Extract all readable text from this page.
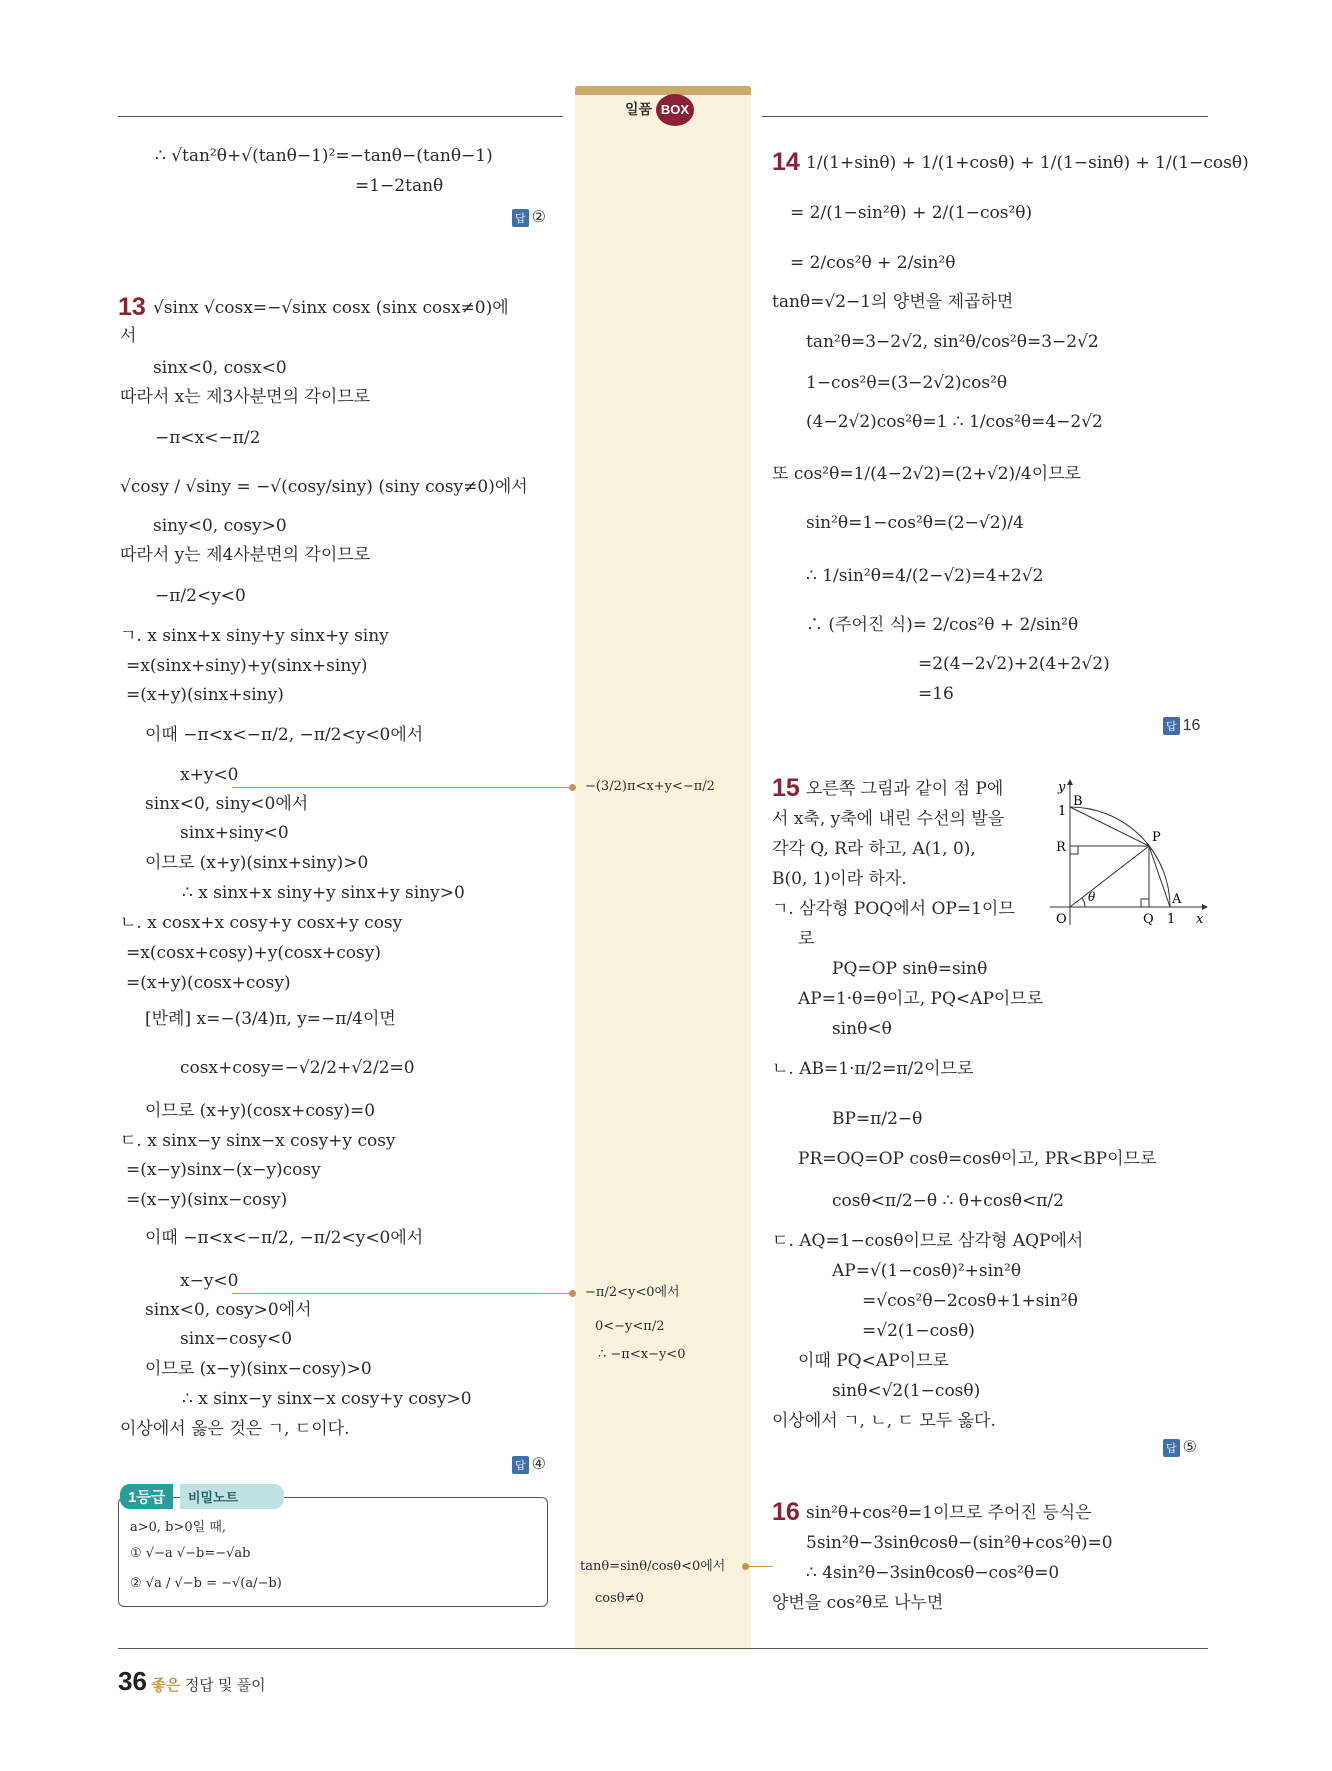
일품 BOX
∴ √tan²θ+√(tanθ−1)²=−tanθ−(tanθ−1)
=1−2tanθ
답 ②
13 √sinx √cosx=−√sinx cosx (sinx cosx≠0)에
서
sinx<0, cosx<0
따라서 x는 제3사분면의 각이므로
−π<x<−π/2
√cosy / √siny = −√(cosy/siny) (siny cosy≠0)에서
siny<0, cosy>0
따라서 y는 제4사분면의 각이므로
−π/2<y<0
ㄱ. x sinx+x siny+y sinx+y siny
=x(sinx+siny)+y(sinx+siny)
=(x+y)(sinx+siny)
이때 −π<x<−π/2, −π/2<y<0에서
x+y<0
sinx<0, siny<0에서
sinx+siny<0
이므로 (x+y)(sinx+siny)>0
∴ x sinx+x siny+y sinx+y siny>0
ㄴ. x cosx+x cosy+y cosx+y cosy
=x(cosx+cosy)+y(cosx+cosy)
=(x+y)(cosx+cosy)
[반례] x=−(3/4)π, y=−π/4이면
cosx+cosy=−√2/2+√2/2=0
이므로 (x+y)(cosx+cosy)=0
ㄷ. x sinx−y sinx−x cosy+y cosy
=(x−y)sinx−(x−y)cosy
=(x−y)(sinx−cosy)
이때 −π<x<−π/2, −π/2<y<0에서
x−y<0
sinx<0, cosy>0에서
sinx−cosy<0
이므로 (x−y)(sinx−cosy)>0
∴ x sinx−y sinx−x cosy+y cosy>0
이상에서 옳은 것은 ㄱ, ㄷ이다.
답 ④
1등급	비밀노트
a>0, b>0일 때,
① √−a √−b=−√ab
② √a / √−b = −√(a/−b)
−(3/2)π<x+y<−π/2
−π/2<y<0에서
0<−y<π/2
∴ −π<x−y<0
tanθ=sinθ/cosθ<0에서
cosθ≠0
14 1/(1+sinθ) + 1/(1+cosθ) + 1/(1−sinθ) + 1/(1−cosθ)
= 2/(1−sin²θ) + 2/(1−cos²θ)
= 2/cos²θ + 2/sin²θ
tanθ=√2−1의 양변을 제곱하면
tan²θ=3−2√2, sin²θ/cos²θ=3−2√2
1−cos²θ=(3−2√2)cos²θ
(4−2√2)cos²θ=1 ∴ 1/cos²θ=4−2√2
또 cos²θ=1/(4−2√2)=(2+√2)/4이므로
sin²θ=1−cos²θ=(2−√2)/4
∴ 1/sin²θ=4/(2−√2)=4+2√2
∴ (주어진 식)= 2/cos²θ + 2/sin²θ
=2(4−2√2)+2(4+2√2)
=16
답 16
15 오른쪽 그림과 같이 점 P에
서 x축, y축에 내린 수선의 발을
각각 Q, R라 하고, A(1, 0),
B(0, 1)이라 하자.
ㄱ. 삼각형 POQ에서 OP=1이므
로
PQ=OP sinθ=sinθ
AP=1·θ=θ이고, PQ<AP이므로
sinθ<θ
ㄴ. AB=1·π/2=π/2이므로
BP=π/2−θ
PR=OQ=OP cosθ=cosθ이고, PR<BP이므로
cosθ<π/2−θ ∴ θ+cosθ<π/2
ㄷ. AQ=1−cosθ이므로 삼각형 AQP에서
AP=√(1−cosθ)²+sin²θ
=√cos²θ−2cosθ+1+sin²θ
=√2(1−cosθ)
이때 PQ<AP이므로
sinθ<√2(1−cosθ)
이상에서 ㄱ, ㄴ, ㄷ 모두 옳다.
답 ⑤
y
x
O
B
1
R
P
θ
Q
A
1
16 sin²θ+cos²θ=1이므로 주어진 등식은
5sin²θ−3sinθcosθ−(sin²θ+cos²θ)=0
∴ 4sin²θ−3sinθcosθ−cos²θ=0
양변을 cos²θ로 나누면
36 좋은 정답 및 풀이
